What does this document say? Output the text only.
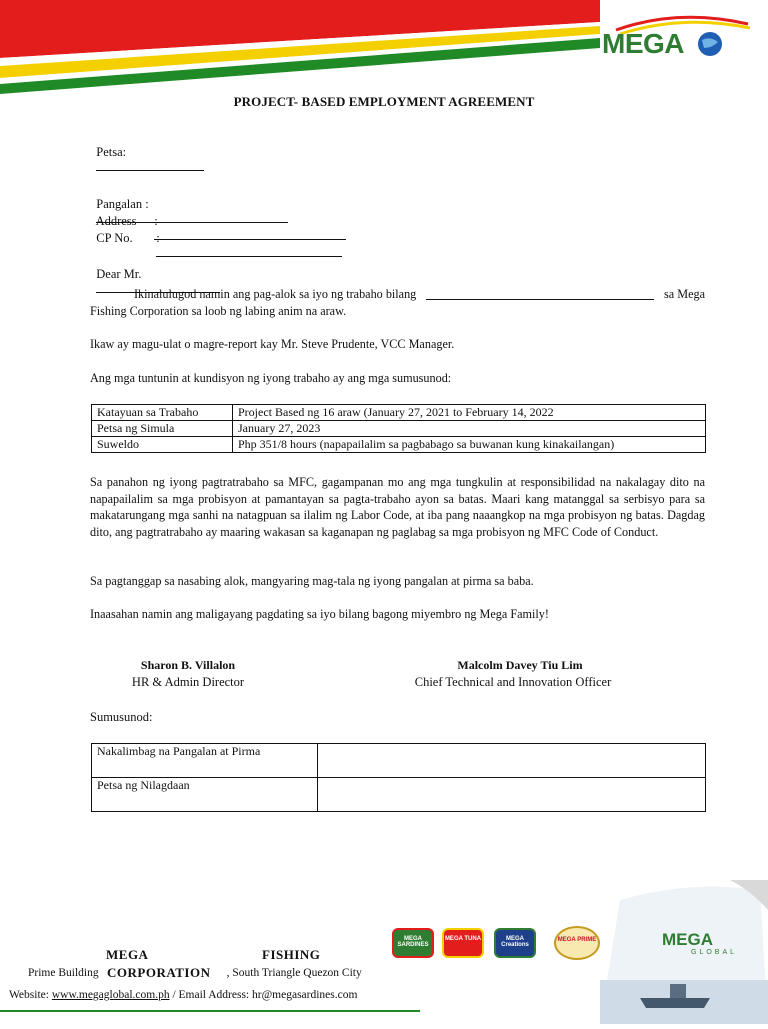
MEGA
PROJECT- BASED EMPLOYMENT AGREEMENT

Petsa:

Pangalan :

Address	:

CP No.	:

Dear Mr.

Ikinalulugod namin ang pag-alok sa iyo ng trabaho bilang	sa Mega
Fishing Corporation sa loob ng labing anim na araw.
Ikaw ay magu-ulat o magre-report kay Mr. Steve Prudente, VCC Manager.
Ang mga tuntunin at kundisyon ng iyong trabaho ay ang mga sumusunod:
Katayuan sa Trabaho	Project Based ng 16 araw (January 27, 2021 to February 14, 2022
Petsa ng Simula	January 27, 2023
Suweldo	Php 351/8 hours (napapailalim sa pagbabago sa buwanan kung kinakailangan)
Sa panahon ng iyong pagtratrabaho sa MFC, gagampanan mo ang mga tungkulin at responsibilidad na nakalagay dito na napapailalim sa mga probisyon at pamantayan sa pagta-trabaho ayon sa batas. Maari kang matanggal sa serbisyo para sa makatarungang mga sanhi na natagpuan sa ilalim ng Labor Code, at iba pang naaangkop na mga probisyon ng batas. Dagdag dito, ang pagtratrabaho ay maaring wakasan sa kaganapan ng paglabag sa mga probisyon ng MFC Code of Conduct.
Sa pagtanggap sa nasabing alok, mangyaring mag-tala ng iyong pangalan at pirma sa baba.
Inaasahan namin ang maligayang pagdating sa iyo bilang bagong miyembro ng Mega Family!
Sharon B. Villalon
HR & Admin Director
Malcolm Davey Tiu Lim
Chief Technical and Innovation Officer
Sumusunod:
Nakalimbag na Pangalan at Pirma	
Petsa ng Nilagdaan	
MEGA
GLOBAL
MEGA SARDINES
MEGA TUNA	MEGA Creations
MEGA PRIME
MEGA	FISHING
CORPORATION
Prime Building	, South Triangle Quezon City
Website: www.megaglobal.com.ph / Email Address: hr@megasardines.com
